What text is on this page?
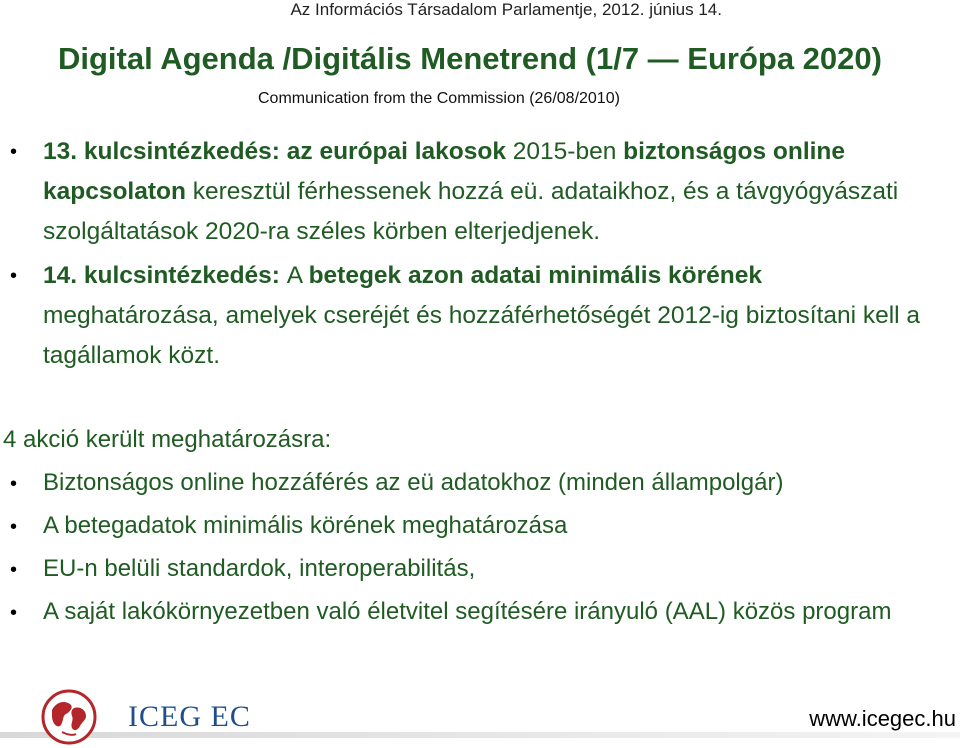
Az Információs Társadalom Parlamentje, 2012. június 14.
Digital Agenda /Digitális Menetrend (1/7 — Európa 2020)
Communication from the Commission (26/08/2010)
• 13. kulcsintézkedés: az európai lakosok 2015-ben biztonságos online kapcsolaton keresztül férhessenek hozzá eü. adataikhoz, és a távgyógyászati szolgáltatások 2020-ra széles körben elterjedjenek.
• 14. kulcsintézkedés: A betegek azon adatai minimális körének meghatározása, amelyek cseréjét és hozzáférhetőségét 2012-ig biztosítani kell a tagállamok közt.
4 akció került meghatározásra:
• Biztonságos online hozzáférés az eü adatokhoz (minden állampolgár)
• A betegadatok minimális körének meghatározása
• EU-n belüli standardok, interoperabilitás,
• A saját lakókörnyezetben való életvitel segítésére irányuló (AAL) közös program
ICEG EC	www.icegec.hu
